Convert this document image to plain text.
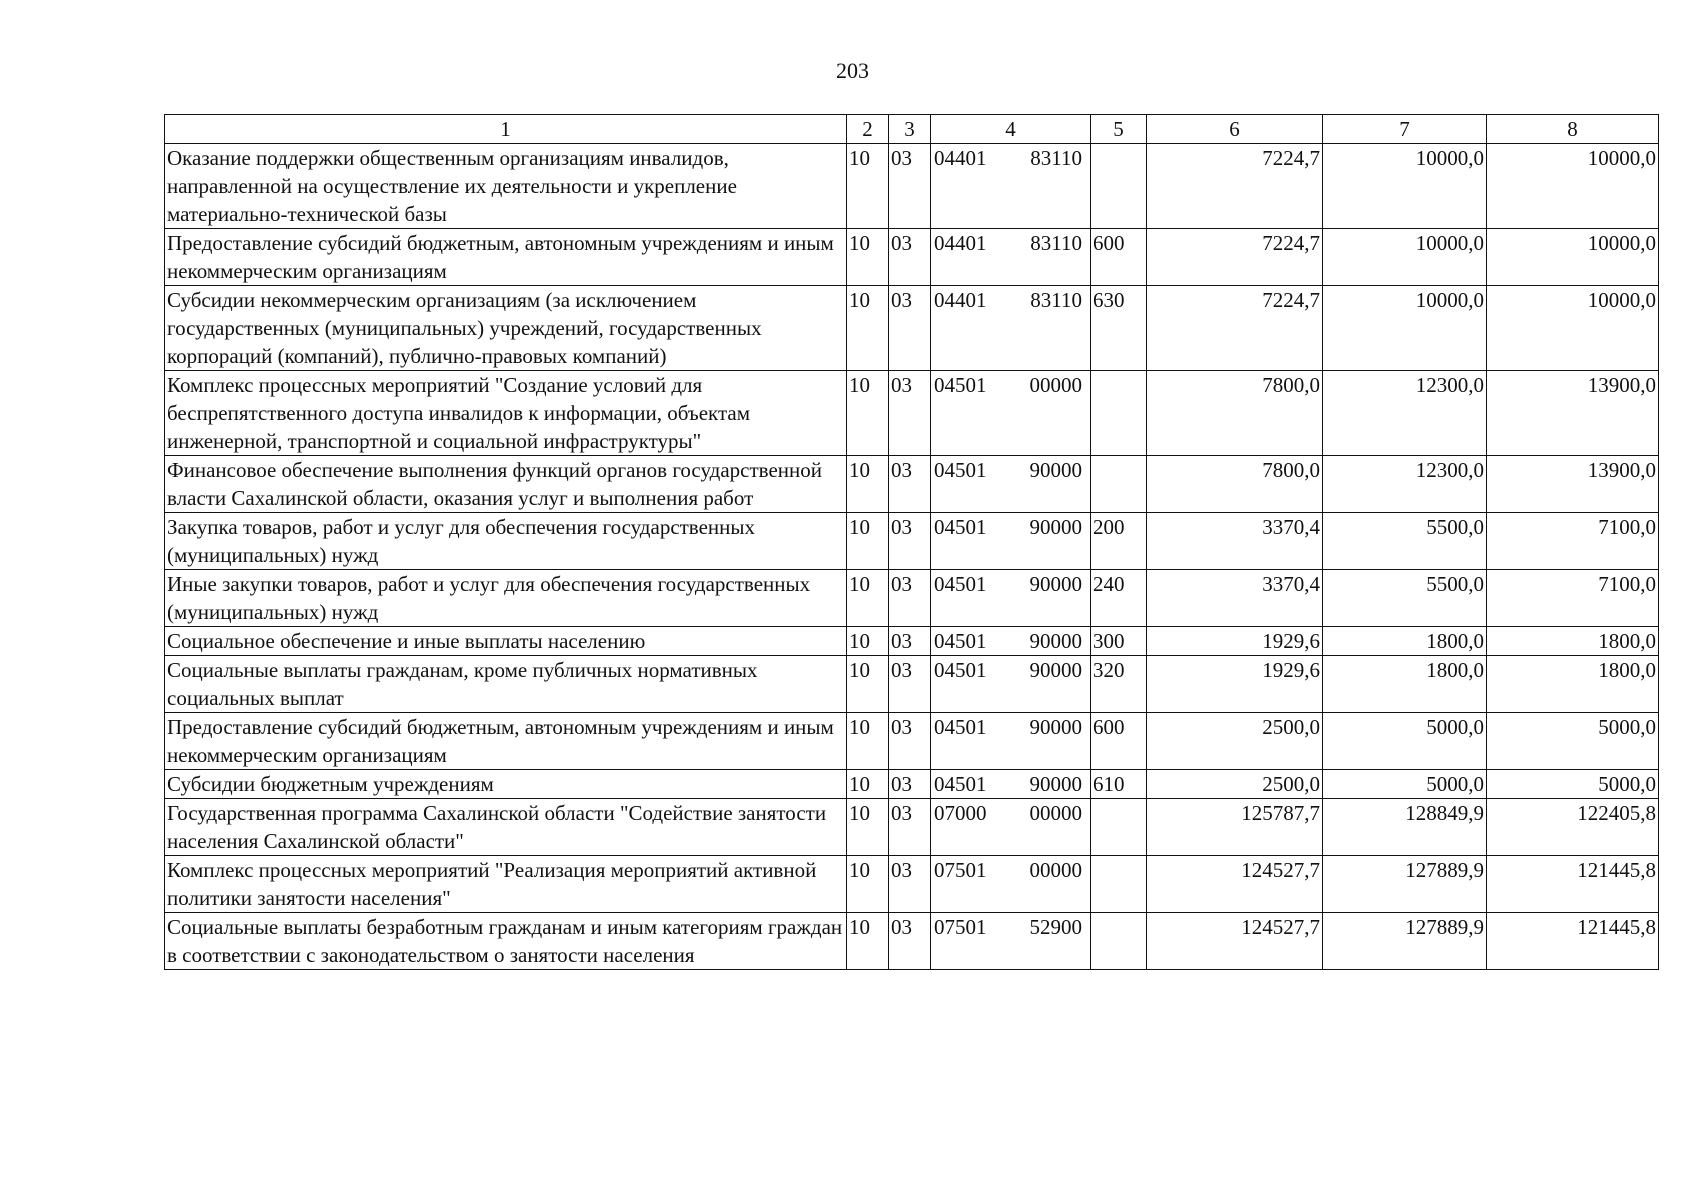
203
1	2	3	4	5	6	7	8
Оказание поддержки общественным организациям инвалидов, направленной на осуществление их деятельности и укрепление материально-технической базы	10	03	04401 83110		7224,7	10000,0	10000,0
Предоставление субсидий бюджетным, автономным учреждениям и иным некоммерческим организациям	10	03	04401 83110	600	7224,7	10000,0	10000,0
Субсидии некоммерческим организациям (за исключением государственных (муниципальных) учреждений, государственных корпораций (компаний), публично-правовых компаний)	10	03	04401 83110	630	7224,7	10000,0	10000,0
Комплекс процессных мероприятий "Создание условий для беспрепятственного доступа инвалидов к информации, объектам инженерной, транспортной и социальной инфраструктуры"	10	03	04501 00000		7800,0	12300,0	13900,0
Финансовое обеспечение выполнения функций органов государственной власти Сахалинской области, оказания услуг и выполнения работ	10	03	04501 90000		7800,0	12300,0	13900,0
Закупка товаров, работ и услуг для обеспечения государственных (муниципальных) нужд	10	03	04501 90000	200	3370,4	5500,0	7100,0
Иные закупки товаров, работ и услуг для обеспечения государственных (муниципальных) нужд	10	03	04501 90000	240	3370,4	5500,0	7100,0
Социальное обеспечение и иные выплаты населению	10	03	04501 90000	300	1929,6	1800,0	1800,0
Социальные выплаты гражданам, кроме публичных нормативных социальных выплат	10	03	04501 90000	320	1929,6	1800,0	1800,0
Предоставление субсидий бюджетным, автономным учреждениям и иным некоммерческим организациям	10	03	04501 90000	600	2500,0	5000,0	5000,0
Субсидии бюджетным учреждениям	10	03	04501 90000	610	2500,0	5000,0	5000,0
Государственная программа Сахалинской области "Содействие занятости населения Сахалинской области"	10	03	07000 00000		125787,7	128849,9	122405,8
Комплекс процессных мероприятий "Реализация мероприятий активной политики занятости населения"	10	03	07501 00000		124527,7	127889,9	121445,8
Социальные выплаты безработным гражданам и иным категориям граждан в соответствии с законодательством о занятости населения	10	03	07501 52900		124527,7	127889,9	121445,8
